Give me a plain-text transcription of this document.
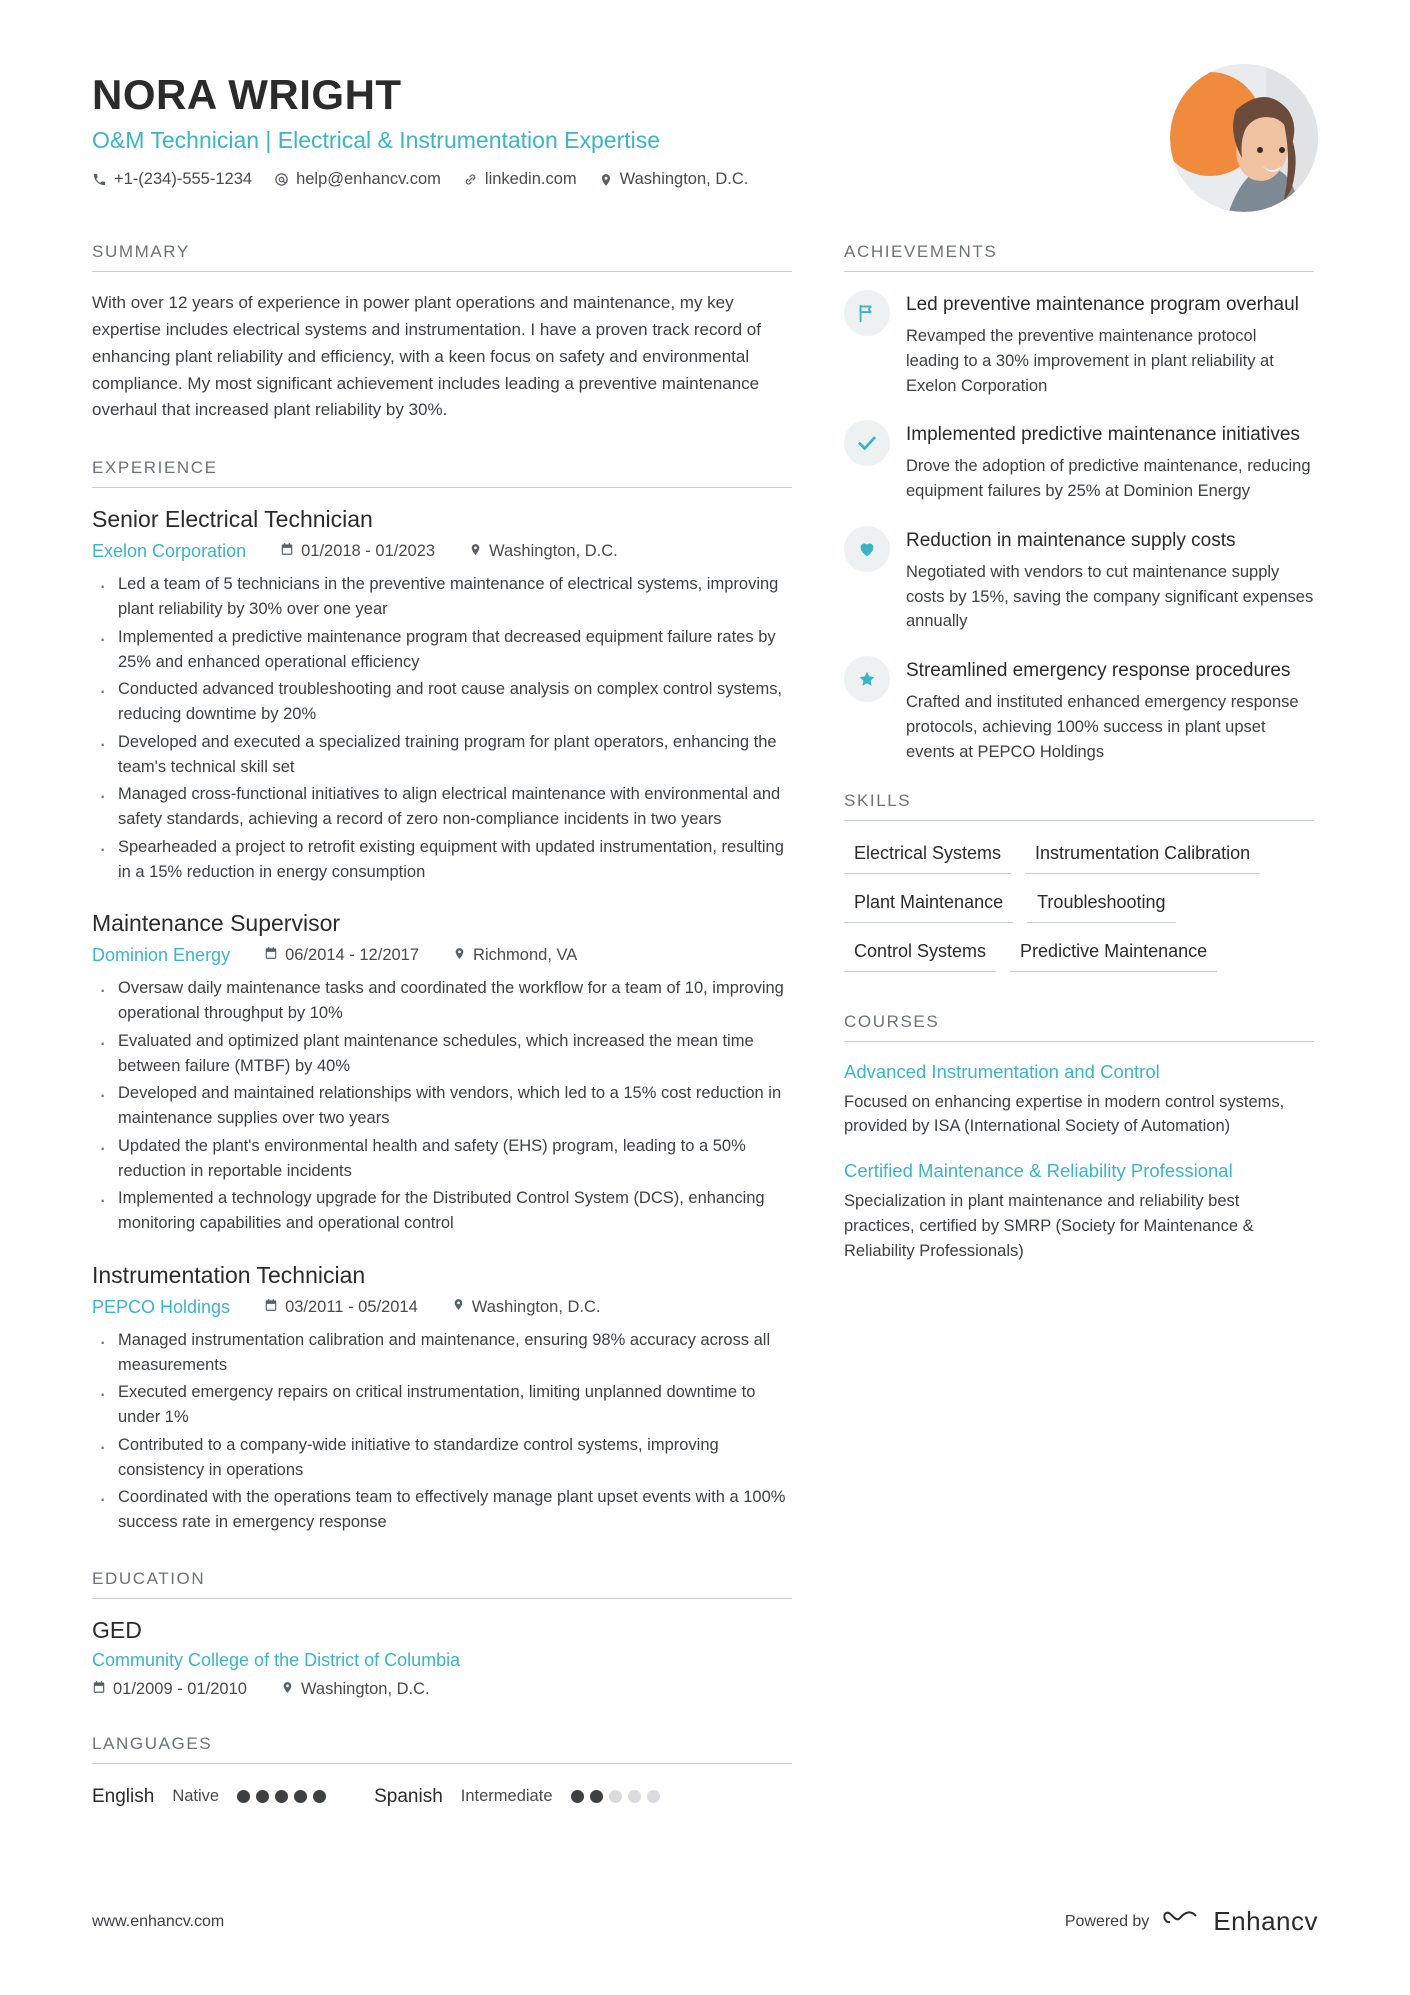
NORA WRIGHT
O&M Technician | Electrical & Instrumentation Expertise
+1-(234)-555-1234	help@enhancv.com	linkedin.com	Washington, D.C.
SUMMARY
With over 12 years of experience in power plant operations and maintenance, my key expertise includes electrical systems and instrumentation. I have a proven track record of enhancing plant reliability and efficiency, with a keen focus on safety and environmental compliance. My most significant achievement includes leading a preventive maintenance overhaul that increased plant reliability by 30%.
EXPERIENCE
Senior Electrical Technician
Exelon Corporation	01/2018 - 01/2023	Washington, D.C.
· Led a team of 5 technicians in the preventive maintenance of electrical systems, improving plant reliability by 30% over one year
· Implemented a predictive maintenance program that decreased equipment failure rates by 25% and enhanced operational efficiency
· Conducted advanced troubleshooting and root cause analysis on complex control systems, reducing downtime by 20%
· Developed and executed a specialized training program for plant operators, enhancing the team's technical skill set
· Managed cross-functional initiatives to align electrical maintenance with environmental and safety standards, achieving a record of zero non-compliance incidents in two years
· Spearheaded a project to retrofit existing equipment with updated instrumentation, resulting in a 15% reduction in energy consumption
Maintenance Supervisor
Dominion Energy	06/2014 - 12/2017	Richmond, VA
· Oversaw daily maintenance tasks and coordinated the workflow for a team of 10, improving operational throughput by 10%
· Evaluated and optimized plant maintenance schedules, which increased the mean time between failure (MTBF) by 40%
· Developed and maintained relationships with vendors, which led to a 15% cost reduction in maintenance supplies over two years
· Updated the plant's environmental health and safety (EHS) program, leading to a 50% reduction in reportable incidents
· Implemented a technology upgrade for the Distributed Control System (DCS), enhancing monitoring capabilities and operational control
Instrumentation Technician
PEPCO Holdings	03/2011 - 05/2014	Washington, D.C.
· Managed instrumentation calibration and maintenance, ensuring 98% accuracy across all measurements
· Executed emergency repairs on critical instrumentation, limiting unplanned downtime to under 1%
· Contributed to a company-wide initiative to standardize control systems, improving consistency in operations
· Coordinated with the operations team to effectively manage plant upset events with a 100% success rate in emergency response
EDUCATION
GED
Community College of the District of Columbia
01/2009 - 01/2010	Washington, D.C.
LANGUAGES
English Native	Spanish Intermediate
ACHIEVEMENTS
Led preventive maintenance program overhaul
Revamped the preventive maintenance protocol leading to a 30% improvement in plant reliability at Exelon Corporation
Implemented predictive maintenance initiatives
Drove the adoption of predictive maintenance, reducing equipment failures by 25% at Dominion Energy
Reduction in maintenance supply costs
Negotiated with vendors to cut maintenance supply costs by 15%, saving the company significant expenses annually
Streamlined emergency response procedures
Crafted and instituted enhanced emergency response protocols, achieving 100% success in plant upset events at PEPCO Holdings
SKILLS
Electrical Systems	Instrumentation Calibration
Plant Maintenance	Troubleshooting
Control Systems	Predictive Maintenance
COURSES
Advanced Instrumentation and Control
Focused on enhancing expertise in modern control systems, provided by ISA (International Society of Automation)
Certified Maintenance & Reliability Professional
Specialization in plant maintenance and reliability best practices, certified by SMRP (Society for Maintenance & Reliability Professionals)
www.enhancv.com	Powered by Enhancv
